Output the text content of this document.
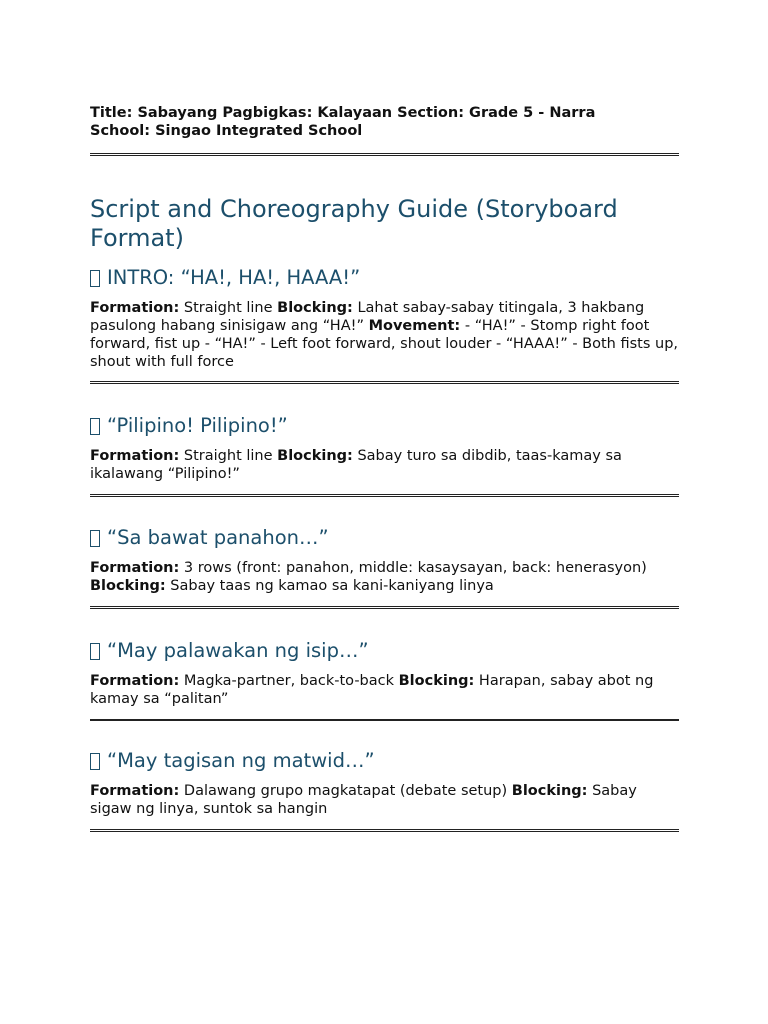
Title: Sabayang Pagbigkas: Kalayaan Section: Grade 5 - Narra
School: Singao Integrated School

Script and Choreography Guide (Storyboard Format)
INTRO: “HA!, HA!, HAAA!”

Formation: Straight line Blocking: Lahat sabay-sabay titingala, 3 hakbang pasulong habang sinisigaw ang “HA!” Movement: - “HA!” - Stomp right foot forward, fist up - “HA!” - Left foot forward, shout louder - “HAAA!” - Both fists up, shout with full force

“Pilipino! Pilipino!”

Formation: Straight line Blocking: Sabay turo sa dibdib, taas-kamay sa ikalawang “Pilipino!”

“Sa bawat panahon…”

Formation: 3 rows (front: panahon, middle: kasaysayan, back: henerasyon) Blocking: Sabay taas ng kamao sa kani-kaniyang linya

“May palawakan ng isip…”

Formation: Magka-partner, back-to-back Blocking: Harapan, sabay abot ng kamay sa “palitan”

“May tagisan ng matwid…”

Formation: Dalawang grupo magkatapat (debate setup) Blocking: Sabay sigaw ng linya, suntok sa hangin
